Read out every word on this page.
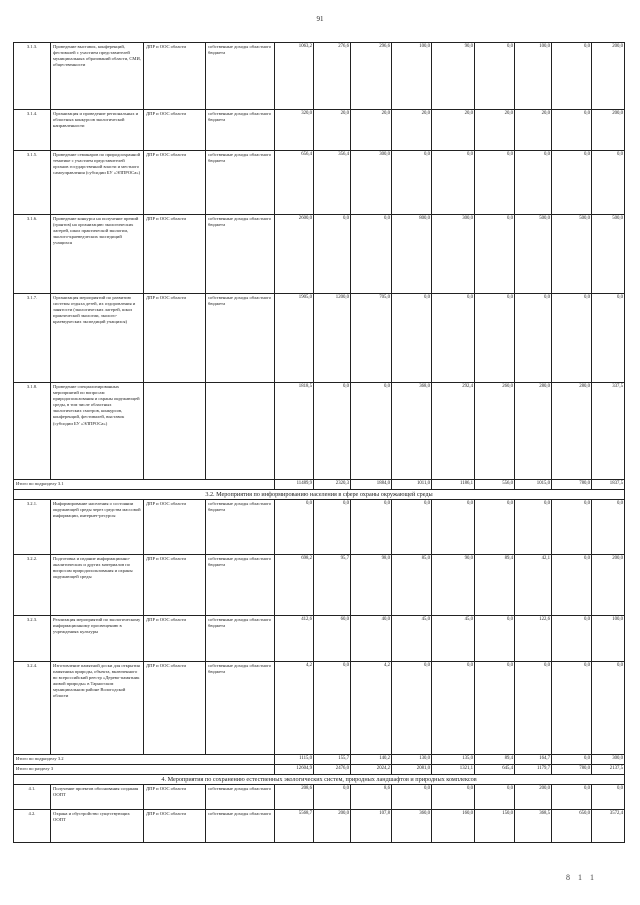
91
3.1.3.	Проведение выставок, конференций, фестивалей с участием представителей муниципальных образований области, СМИ, общественности	ДПР и ООС области	собственные доходы областного бюджета	1063,2	276,6	296,6	100,0	90,0	0,0	100,0	0,0	200,0
3.1.4.	Организация и проведение региональных и областных конкурсов экологической направленности	ДПР и ООС области	собственные доходы областного бюджета	320,0	20,0	20,0	20,0	20,0	20,0	20,0	0,0	200,0
3.1.5.	Проведение семинаров по природоохранной тематике с участием представителей органов государственной власти и местного самоуправления (субсидии БУ «ЭЛПРОСа»)	ДПР и ООС области	собственные доходы областного бюджета	656,4	356,4	300,0	0,0	0,0	0,0	0,0	0,0	0,0
3.1.6.	Проведение конкурса на получение премий (грантов) на организацию экологических лагерей, школ практической экологии, эколого-краеведческих экспедиций учащихся	ДПР и ООС области	собственные доходы областного бюджета	2600,0	0,0	0,0	800,0	300,0	0,0	500,0	500,0	500,0
3.1.7.	Организация мероприятий по развитию системы отдыха детей, их оздоровления и занятости (экологических лагерей, школ практической экологии, эколого-краеведческих экспедиций учащихся)	ДПР и ООС области	собственные доходы областного бюджета	1905,0	1200,0	705,0	0,0	0,0	0,0	0,0	0,0	0,0
3.1.8.	Проведение специализированных мероприятий по вопросам природопользования и охраны окружающей среды, в том числе областных экологических смотров, конкурсов, конференций, фестивалей, выставок (субсидии БУ «ЭЛПРОСа»)			1818,5	0,0	0,0	368,0	292,4	260,0	280,0	280,0	337,5
Итого по подразделу 3.1				11489,9	2320,3	1884,0	1011,0	1186,1	556,0	1015,0	780,0	1837,5
3.2. Мероприятия по информированию населения в сфере охраны окружающей среды												
3.2.1.	Информирование населения о состоянии окружающей среды через средства массовой информации, интернет-ресурсы	ДПР и ООС области	собственные доходы областного бюджета	0,0	0,0	0,0	0,0	0,0	0,0	0,0	0,0	0,0
3.2.2.	Подготовка и издание информационно-аналитических и других материалов по вопросам природопользования и охраны окружающей среды	ДПР и ООС области	собственные доходы областного бюджета	698,2	95,7	98,0	85,0	90,0	89,4	42,1	0,0	200,0
3.2.3.	Реализация мероприятий по экологическому информационному просвещению в учреждениях культуры	ДПР и ООС области	собственные доходы областного бюджета	412,6	60,0	40,0	45,0	45,0	0,0	122,6	0,0	100,0
3.2.4.	Изготовление памятной доски для открытия памятника природы, объекта, включенного во всероссийский реестр «Дерево-памятник живой природы» в Тарногском муниципальном районе Вологодской области	ДПР и ООС области	собственные доходы областного бюджета	4,2	0,0	4,2	0,0	0,0	0,0	0,0	0,0	0,0
Итого по подразделу 3.2				1115,0	155,7	140,2	130,0	135,0	89,4	164,7	0,0	300,0
Итого по разделу 3				12604,9	2476,0	2024,2	2081,0	1321,1	645,4	1179,7	780,0	2137,5
4. Мероприятия по сохранению естественных экологических систем, природных ландшафтов и природных комплексов												
4.1.	Получение проектов обоснования создания ООПТ	ДПР и ООС области	собственные доходы областного	208,6	0,0	8,6	0,0	0,0	0,0	200,0	0,0	0,0
4.2.	Охрана и обустройство существующих ООПТ	ДПР и ООС области	собственные доходы областного	5568,7	200,0	107,8	360,0	160,0	150,0	368,5	650,0	3572,4
8 1 1
